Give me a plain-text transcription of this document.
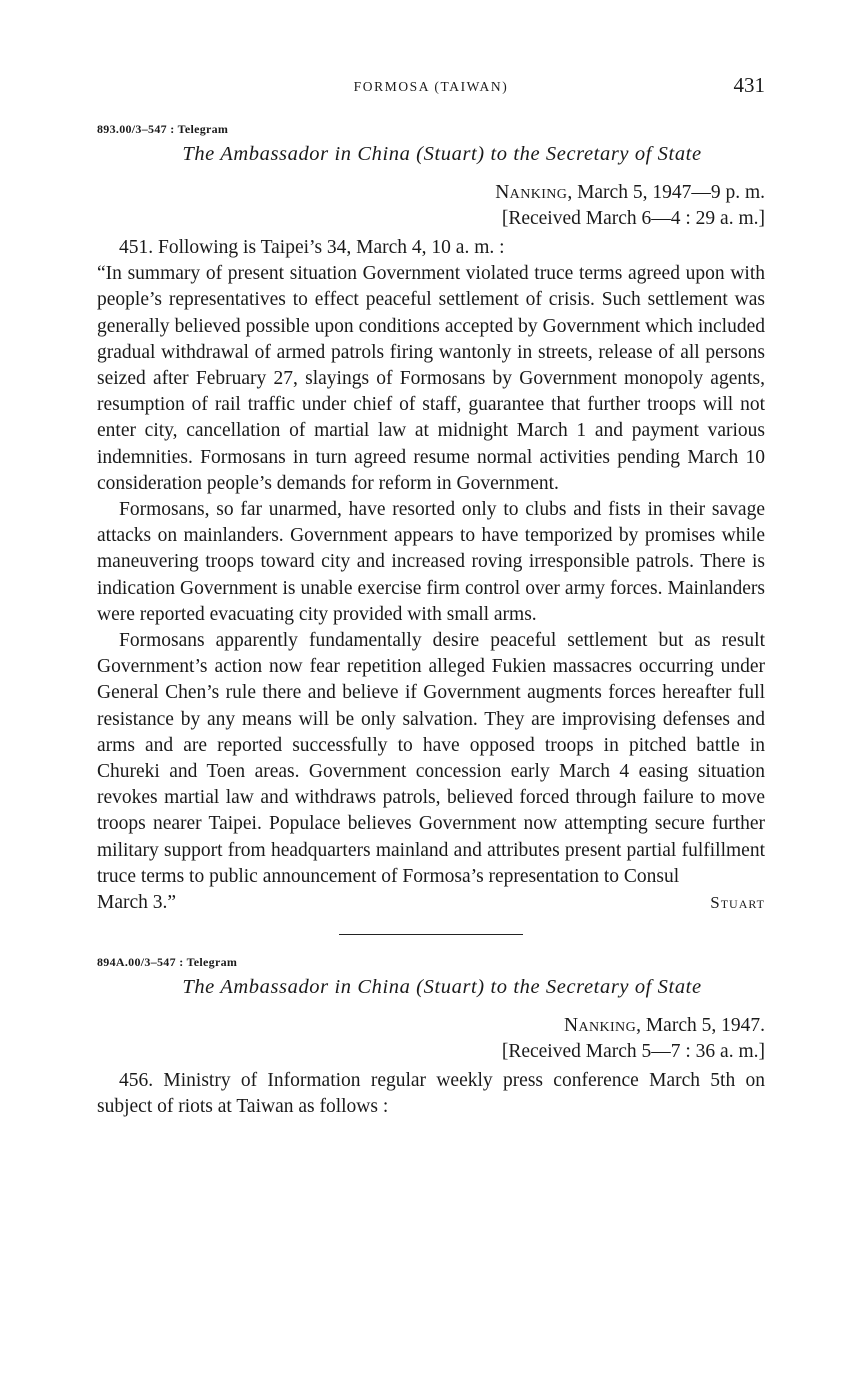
FORMOSA (TAIWAN)	431
893.00/3–547 : Telegram
The Ambassador in China (Stuart) to the Secretary of State
Nanking, March 5, 1947—9 p. m.
[Received March 6—4 : 29 a. m.]

451. Following is Taipei’s 34, March 4, 10 a. m. :

“In summary of present situation Government violated truce terms agreed upon with people’s representatives to effect peaceful settlement of crisis. Such settlement was generally believed possible upon conditions accepted by Government which included gradual withdrawal of armed patrols firing wantonly in streets, release of all persons seized after February 27, slayings of Formosans by Government monopoly agents, resumption of rail traffic under chief of staff, guarantee that further troops will not enter city, cancellation of martial law at midnight March 1 and payment various indemnities. Formosans in turn agreed resume normal activities pending March 10 consideration people’s demands for reform in Government.

Formosans, so far unarmed, have resorted only to clubs and fists in their savage attacks on mainlanders. Government appears to have temporized by promises while maneuvering troops toward city and increased roving irresponsible patrols. There is indication Government is unable exercise firm control over army forces. Mainlanders were reported evacuating city provided with small arms.

Formosans apparently fundamentally desire peaceful settlement but as result Government’s action now fear repetition alleged Fukien massacres occurring under General Chen’s rule there and believe if Government augments forces hereafter full resistance by any means will be only salvation. They are improvising defenses and arms and are reported successfully to have opposed troops in pitched battle in Chureki and Toen areas. Government concession early March 4 easing situation revokes martial law and withdraws patrols, believed forced through failure to move troops nearer Taipei. Populace believes Government now attempting secure further military support from headquarters mainland and attributes present partial fulfillment truce terms to public announcement of Formosa’s representation to Consul

March 3.”	Stuart
894A.00/3–547 : Telegram
The Ambassador in China (Stuart) to the Secretary of State
Nanking, March 5, 1947.
[Received March 5—7 : 36 a. m.]

456. Ministry of Information regular weekly press conference March 5th on subject of riots at Taiwan as follows :
